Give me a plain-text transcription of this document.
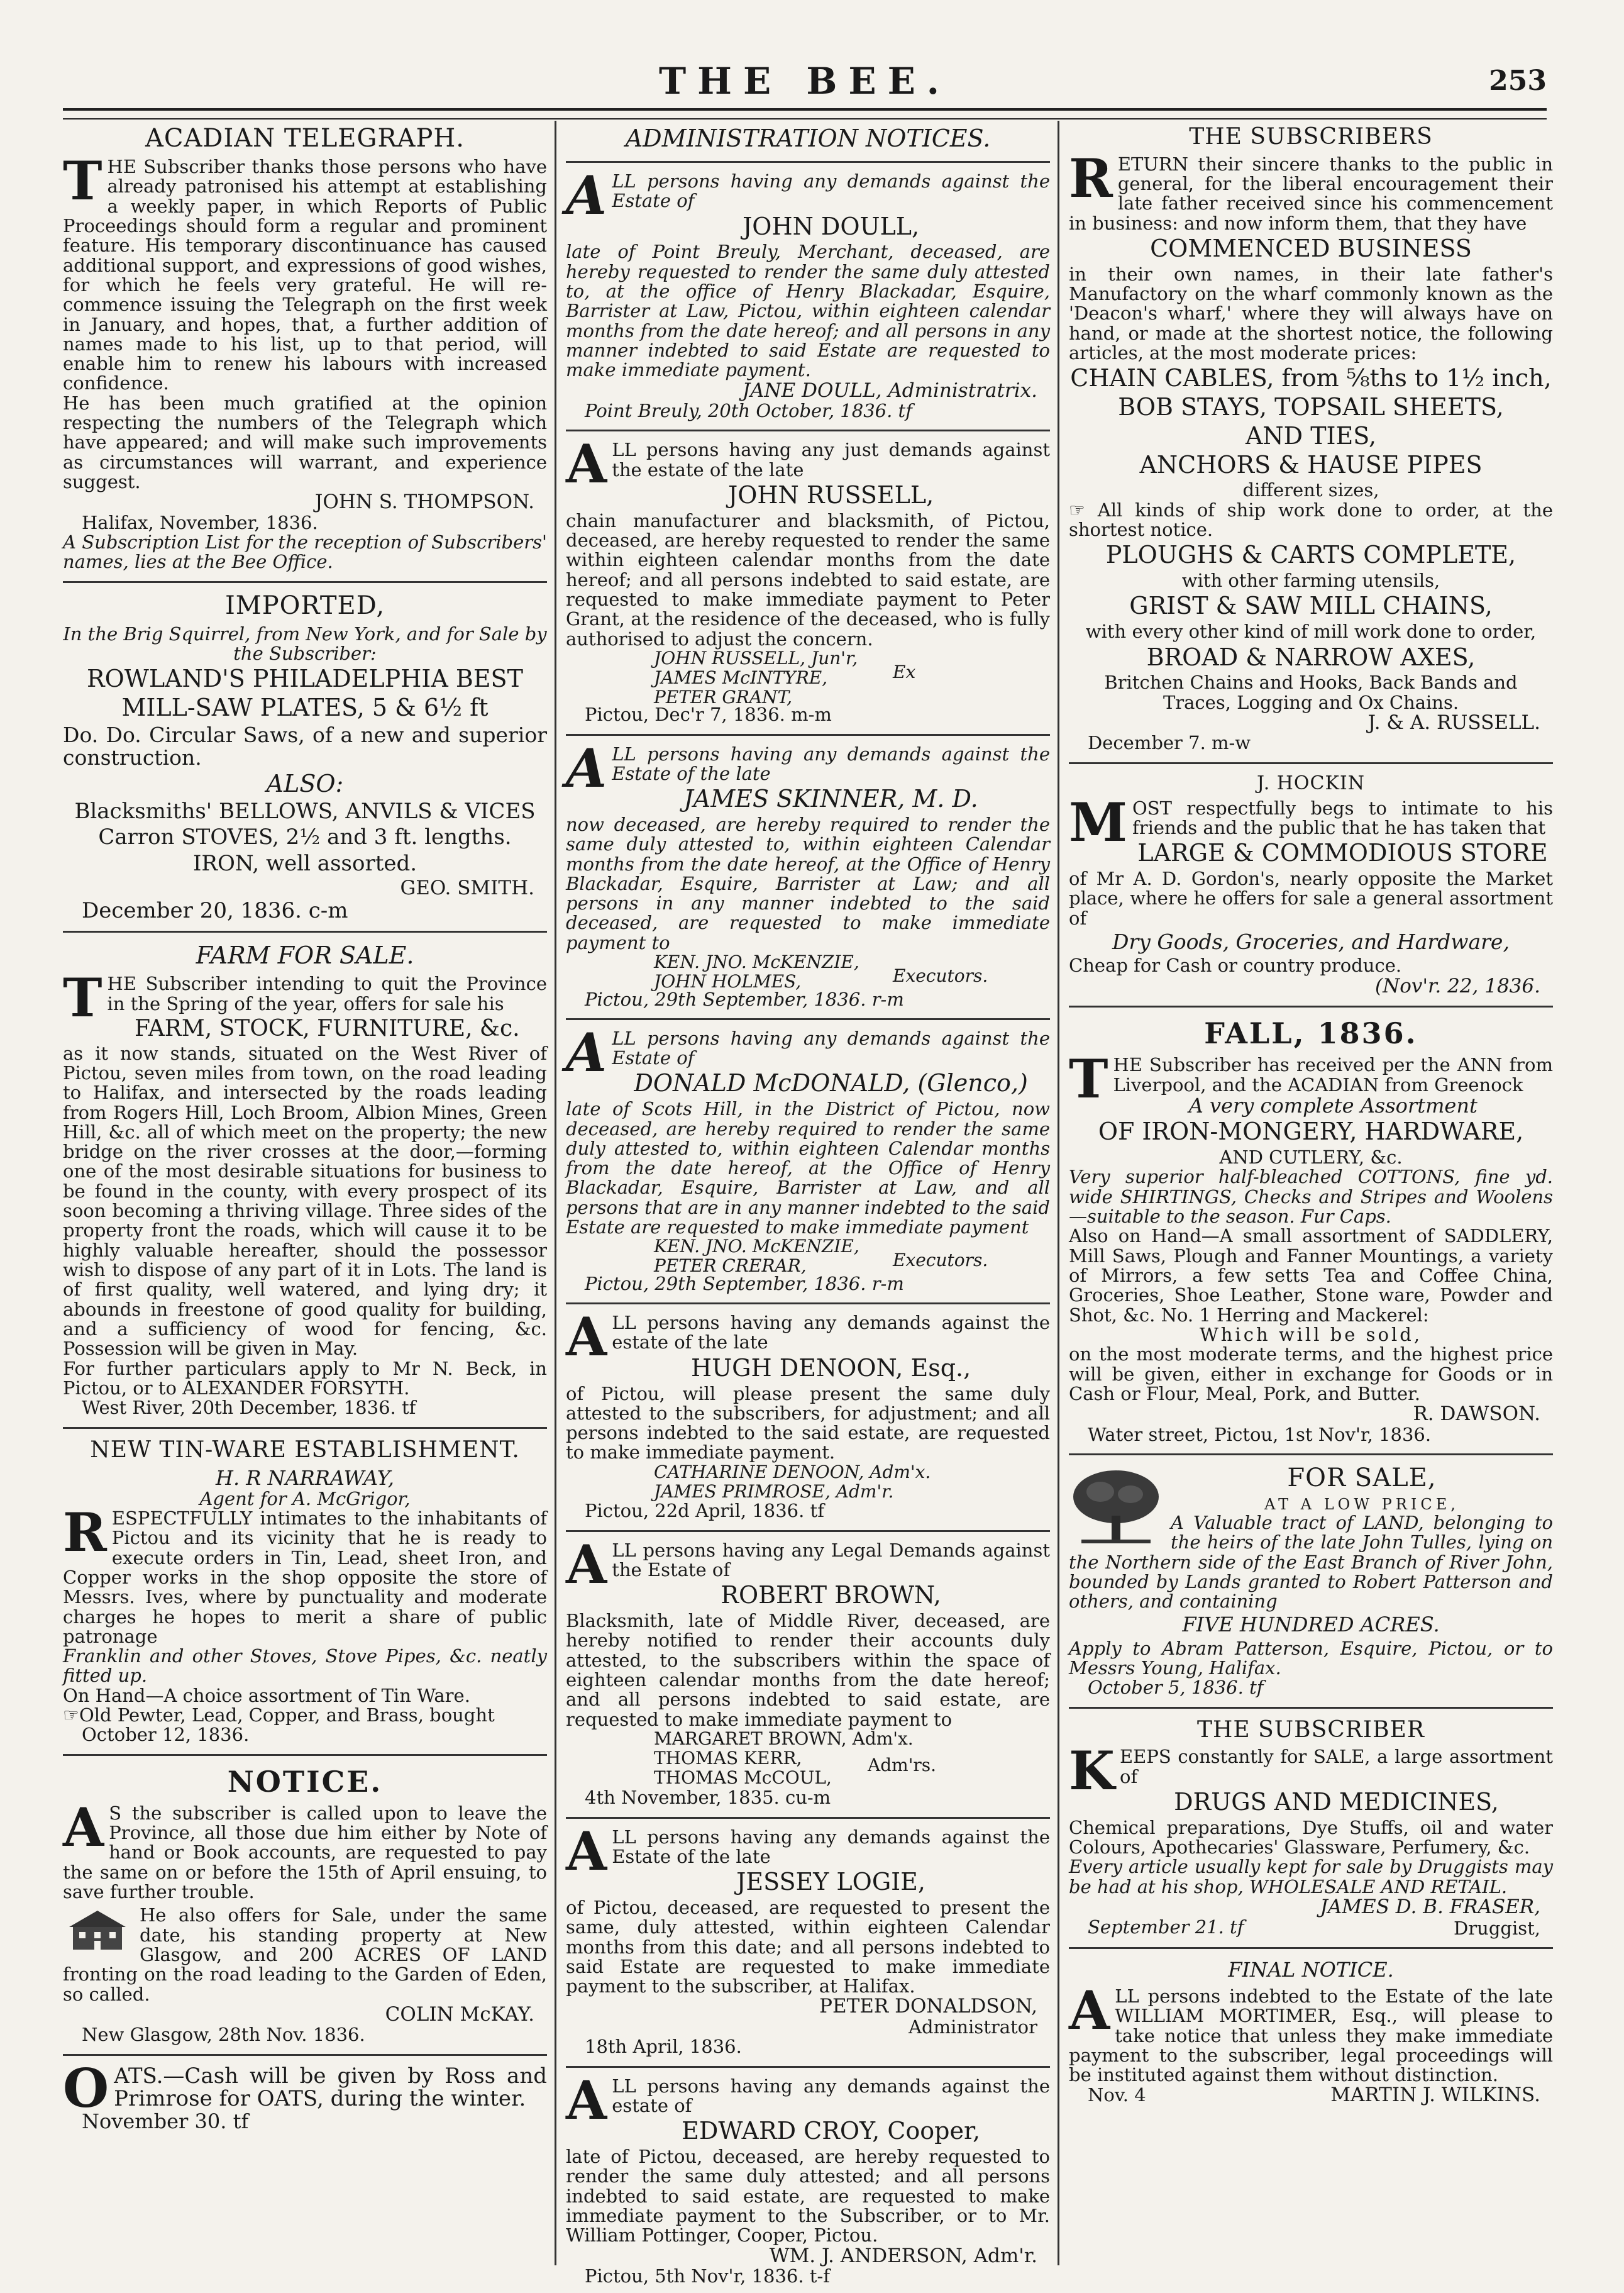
THE BEE.	253
ACADIAN TELEGRAPH.

THE Subscriber thanks those persons who have already patronised his attempt at establishing a weekly paper, in which Reports of Public Proceedings should form a regular and prominent feature. His temporary discontinuance has caused additional support, and expressions of good wishes, for which he feels very grateful. He will re-commence issuing the Telegraph on the first week in January, and hopes, that, a further addition of names made to his list, up to that period, will enable him to renew his labours with increased confidence.

He has been much gratified at the opinion respecting the numbers of the Telegraph which have appeared; and will make such improvements as circumstances will warrant, and experience suggest.

JOHN S. THOMPSON.

Halifax, November, 1836.

A Subscription List for the reception of Subscribers' names, lies at the Bee Office.

IMPORTED,

In the Brig Squirrel, from New York, and for Sale by the Subscriber:

ROWLAND'S PHILADELPHIA BEST
MILL-SAW PLATES, 5 & 6½ ft

Do. Do. Circular Saws, of a new and superior construction.

ALSO:
Blacksmiths' BELLOWS, ANVILS & VICES
Carron STOVES, 2½ and 3 ft. lengths.
IRON, well assorted.

GEO. SMITH.

December 20, 1836. c-m

FARM FOR SALE.

THE Subscriber intending to quit the Province in the Spring of the year, offers for sale his

FARM, STOCK, FURNITURE, &c.

as it now stands, situated on the West River of Pictou, seven miles from town, on the road leading to Halifax, and intersected by the roads leading from Rogers Hill, Loch Broom, Albion Mines, Green Hill, &c. all of which meet on the property; the new bridge on the river crosses at the door,—forming one of the most desirable situations for business to be found in the county, with every prospect of its soon becoming a thriving village. Three sides of the property front the roads, which will cause it to be highly valuable hereafter, should the possessor wish to dispose of any part of it in Lots. The land is of first quality, well watered, and lying dry; it abounds in freestone of good quality for building, and a sufficiency of wood for fencing, &c. Possession will be given in May.

For further particulars apply to Mr N. Beck, in Pictou, or to ALEXANDER FORSYTH.

West River, 20th December, 1836. tf

NEW TIN-WARE ESTABLISHMENT.

H. R NARRAWAY,

Agent for A. McGrigor,

RESPECTFULLY intimates to the inhabitants of Pictou and its vicinity that he is ready to execute orders in Tin, Lead, sheet Iron, and Copper works in the shop opposite the store of Messrs. Ives, where by punctuality and moderate charges he hopes to merit a share of public patronage

Franklin and other Stoves, Stove Pipes, &c. neatly fitted up.

On Hand—A choice assortment of Tin Ware.

☞Old Pewter, Lead, Copper, and Brass, bought

October 12, 1836.

NOTICE.

A S the subscriber is called upon to leave the Province, all those due him either by Note of hand or Book accounts, are requested to pay the same on or before the 15th of April ensuing, to save further trouble.

He also offers for Sale, under the same date, his standing property at New Glasgow, and 200 ACRES OF LAND fronting on the road leading to the Garden of Eden, so called.

COLIN McKAY.

New Glasgow, 28th Nov. 1836.

OATS.—Cash will be given by Ross and Primrose for OATS, during the winter.

November 30. tf

ADMINISTRATION NOTICES.

ALL persons having any demands against the Estate of

JOHN DOULL,

late of Point Breuly, Merchant, deceased, are hereby requested to render the same duly attested to, at the office of Henry Blackadar, Esquire, Barrister at Law, Pictou, within eighteen calendar months from the date hereof; and all persons in any manner indebted to said Estate are requested to make immediate payment.

JANE DOULL, Administratrix.

Point Breuly, 20th October, 1836. tf

ALL persons having any just demands against the estate of the late

JOHN RUSSELL,

chain manufacturer and blacksmith, of Pictou, deceased, are hereby requested to render the same within eighteen calendar months from the date hereof; and all persons indebted to said estate, are requested to make immediate payment to Peter Grant, at the residence of the deceased, who is fully authorised to adjust the concern.

JOHN RUSSELL, Jun'r,
JAMES McINTYRE,
PETER GRANT,
Ex

Pictou, Dec'r 7, 1836. m-m

ALL persons having any demands against the Estate of the late

JAMES SKINNER, M. D.

now deceased, are hereby required to render the same duly attested to, within eighteen Calendar months from the date hereof, at the Office of Henry Blackadar, Esquire, Barrister at Law; and all persons in any manner indebted to the said deceased, are requested to make immediate payment to

KEN. JNO. McKENZIE,
JOHN HOLMES,	Executors.

Pictou, 29th September, 1836. r-m

ALL persons having any demands against the Estate of

DONALD McDONALD, (Glenco,)

late of Scots Hill, in the District of Pictou, now deceased, are hereby required to render the same duly attested to, within eighteen Calendar months from the date hereof, at the Office of Henry Blackadar, Esquire, Barrister at Law, and all persons that are in any manner indebted to the said Estate are requested to make immediate payment

KEN. JNO. McKENZIE,
PETER CRERAR,	Executors.

Pictou, 29th September, 1836. r-m

ALL persons having any demands against the estate of the late

HUGH DENOON, Esq.,

of Pictou, will please present the same duly attested to the subscribers, for adjustment; and all persons indebted to the said estate, are requested to make immediate payment.

CATHARINE DENOON, Adm'x.
JAMES PRIMROSE, Adm'r.

Pictou, 22d April, 1836. tf

ALL persons having any Legal Demands against the Estate of

ROBERT BROWN,

Blacksmith, late of Middle River, deceased, are hereby notified to render their accounts duly attested, to the subscribers within the space of eighteen calendar months from the date hereof; and all persons indebted to said estate, are requested to make immediate payment to

MARGARET BROWN, Adm'x.
THOMAS KERR,
THOMAS McCOUL,
Adm'rs.

4th November, 1835. cu-m

ALL persons having any demands against the Estate of the late

JESSEY LOGIE,

of Pictou, deceased, are requested to present the same, duly attested, within eighteen Calendar months from this date; and all persons indebted to said Estate are requested to make immediate payment to the subscriber, at Halifax.

PETER DONALDSON,

Administrator

18th April, 1836.

ALL persons having any demands against the estate of

EDWARD CROY, Cooper,

late of Pictou, deceased, are hereby requested to render the same duly attested; and all persons indebted to said estate, are requested to make immediate payment to the Subscriber, or to Mr. William Pottinger, Cooper, Pictou.

WM. J. ANDERSON, Adm'r.

Pictou, 5th Nov'r, 1836. t-f

THE SUBSCRIBERS

RETURN their sincere thanks to the public in general, for the liberal encouragement their late father received since his commencement in business: and now inform them, that they have

COMMENCED BUSINESS

in their own names, in their late father's Manufactory on the wharf commonly known as the 'Deacon's wharf,' where they will always have on hand, or made at the shortest notice, the following articles, at the most moderate prices:

CHAIN CABLES, from ⅝ths to 1½ inch,
BOB STAYS, TOPSAIL SHEETS,
AND TIES,
ANCHORS & HAUSE PIPES

different sizes,

☞ All kinds of ship work done to order, at the shortest notice.

PLOUGHS & CARTS COMPLETE,

with other farming utensils,

GRIST & SAW MILL CHAINS,

with every other kind of mill work done to order,

BROAD & NARROW AXES,

Britchen Chains and Hooks, Back Bands and Traces, Logging and Ox Chains.

J. & A. RUSSELL.

December 7. m-w

J. HOCKIN

MOST respectfully begs to intimate to his friends and the public that he has taken that

LARGE & COMMODIOUS STORE

of Mr A. D. Gordon's, nearly opposite the Market place, where he offers for sale a general assortment of

Dry Goods, Groceries, and Hardware,

Cheap for Cash or country produce.

(Nov'r. 22, 1836.

FALL, 1836.

THE Subscriber has received per the ANN from Liverpool, and the ACADIAN from Greenock

A very complete Assortment

OF IRON-MONGERY, HARDWARE,

AND CUTLERY, &c.

Very superior half-bleached COTTONS, fine yd. wide SHIRTINGS, Checks and Stripes and Woolens—suitable to the season. Fur Caps.

Also on Hand—A small assortment of SADDLERY, Mill Saws, Plough and Fanner Mountings, a variety of Mirrors, a few setts Tea and Coffee China, Groceries, Shoe Leather, Stone ware, Powder and Shot, &c. No. 1 Herring and Mackerel:

Which will be sold,

on the most moderate terms, and the highest price will be given, either in exchange for Goods or in Cash or Flour, Meal, Pork, and Butter.

R. DAWSON.

Water street, Pictou, 1st Nov'r, 1836.

FOR SALE,

AT A LOW PRICE,

A Valuable tract of LAND, belonging to the heirs of the late John Tulles, lying on the Northern side of the East Branch of River John, bounded by Lands granted to Robert Patterson and others, and containing

FIVE HUNDRED ACRES.

Apply to Abram Patterson, Esquire, Pictou, or to Messrs Young, Halifax.

October 5, 1836. tf

THE SUBSCRIBER

KEEPS constantly for SALE, a large assortment of

DRUGS AND MEDICINES,

Chemical preparations, Dye Stuffs, oil and water Colours, Apothecaries' Glassware, Perfumery, &c.

Every article usually kept for sale by Druggists may be had at his shop, WHOLESALE AND RETAIL.

JAMES D. B. FRASER,

September 21. tf	Druggist,

FINAL NOTICE.

ALL persons indebted to the Estate of the late WILLIAM MORTIMER, Esq., will please to take notice that unless they make immediate payment to the subscriber, legal proceedings will be instituted against them without distinction.

Nov. 4	MARTIN J. WILKINS.
